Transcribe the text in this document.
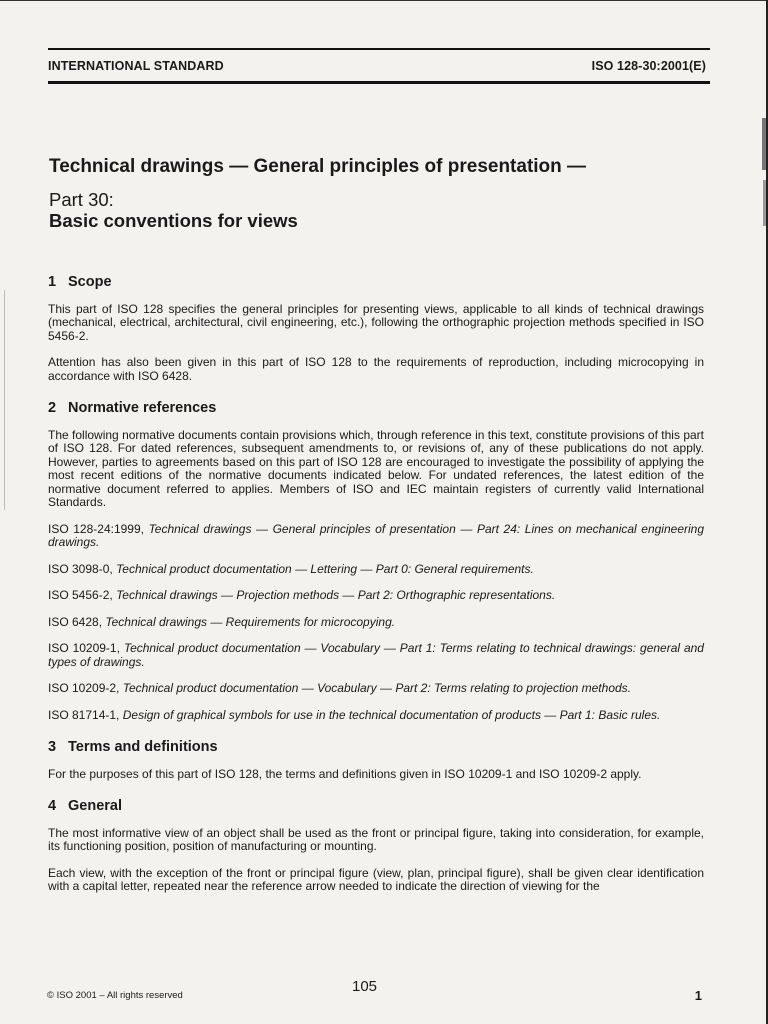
INTERNATIONAL STANDARD	ISO 128-30:2001(E)
Technical drawings — General principles of presentation —
Part 30:
Basic conventions for views
1 Scope

This part of ISO 128 specifies the general principles for presenting views, applicable to all kinds of technical drawings (mechanical, electrical, architectural, civil engineering, etc.), following the orthographic projection methods specified in ISO 5456-2.

Attention has also been given in this part of ISO 128 to the requirements of reproduction, including microcopying in accordance with ISO 6428.

2 Normative references

The following normative documents contain provisions which, through reference in this text, constitute provisions of this part of ISO 128. For dated references, subsequent amendments to, or revisions of, any of these publications do not apply. However, parties to agreements based on this part of ISO 128 are encouraged to investigate the possibility of applying the most recent editions of the normative documents indicated below. For undated references, the latest edition of the normative document referred to applies. Members of ISO and IEC maintain registers of currently valid International Standards.

ISO 128-24:1999, Technical drawings — General principles of presentation — Part 24: Lines on mechanical engineering drawings.

ISO 3098-0, Technical product documentation — Lettering — Part 0: General requirements.

ISO 5456-2, Technical drawings — Projection methods — Part 2: Orthographic representations.

ISO 6428, Technical drawings — Requirements for microcopying.

ISO 10209-1, Technical product documentation — Vocabulary — Part 1: Terms relating to technical drawings: general and types of drawings.

ISO 10209-2, Technical product documentation — Vocabulary — Part 2: Terms relating to projection methods.

ISO 81714-1, Design of graphical symbols for use in the technical documentation of products — Part 1: Basic rules.

3 Terms and definitions

For the purposes of this part of ISO 128, the terms and definitions given in ISO 10209-1 and ISO 10209-2 apply.

4 General

The most informative view of an object shall be used as the front or principal figure, taking into consideration, for example, its functioning position, position of manufacturing or mounting.

Each view, with the exception of the front or principal figure (view, plan, principal figure), shall be given clear identification with a capital letter, repeated near the reference arrow needed to indicate the direction of viewing for the

© ISO 2001 – All rights reserved
105
1
